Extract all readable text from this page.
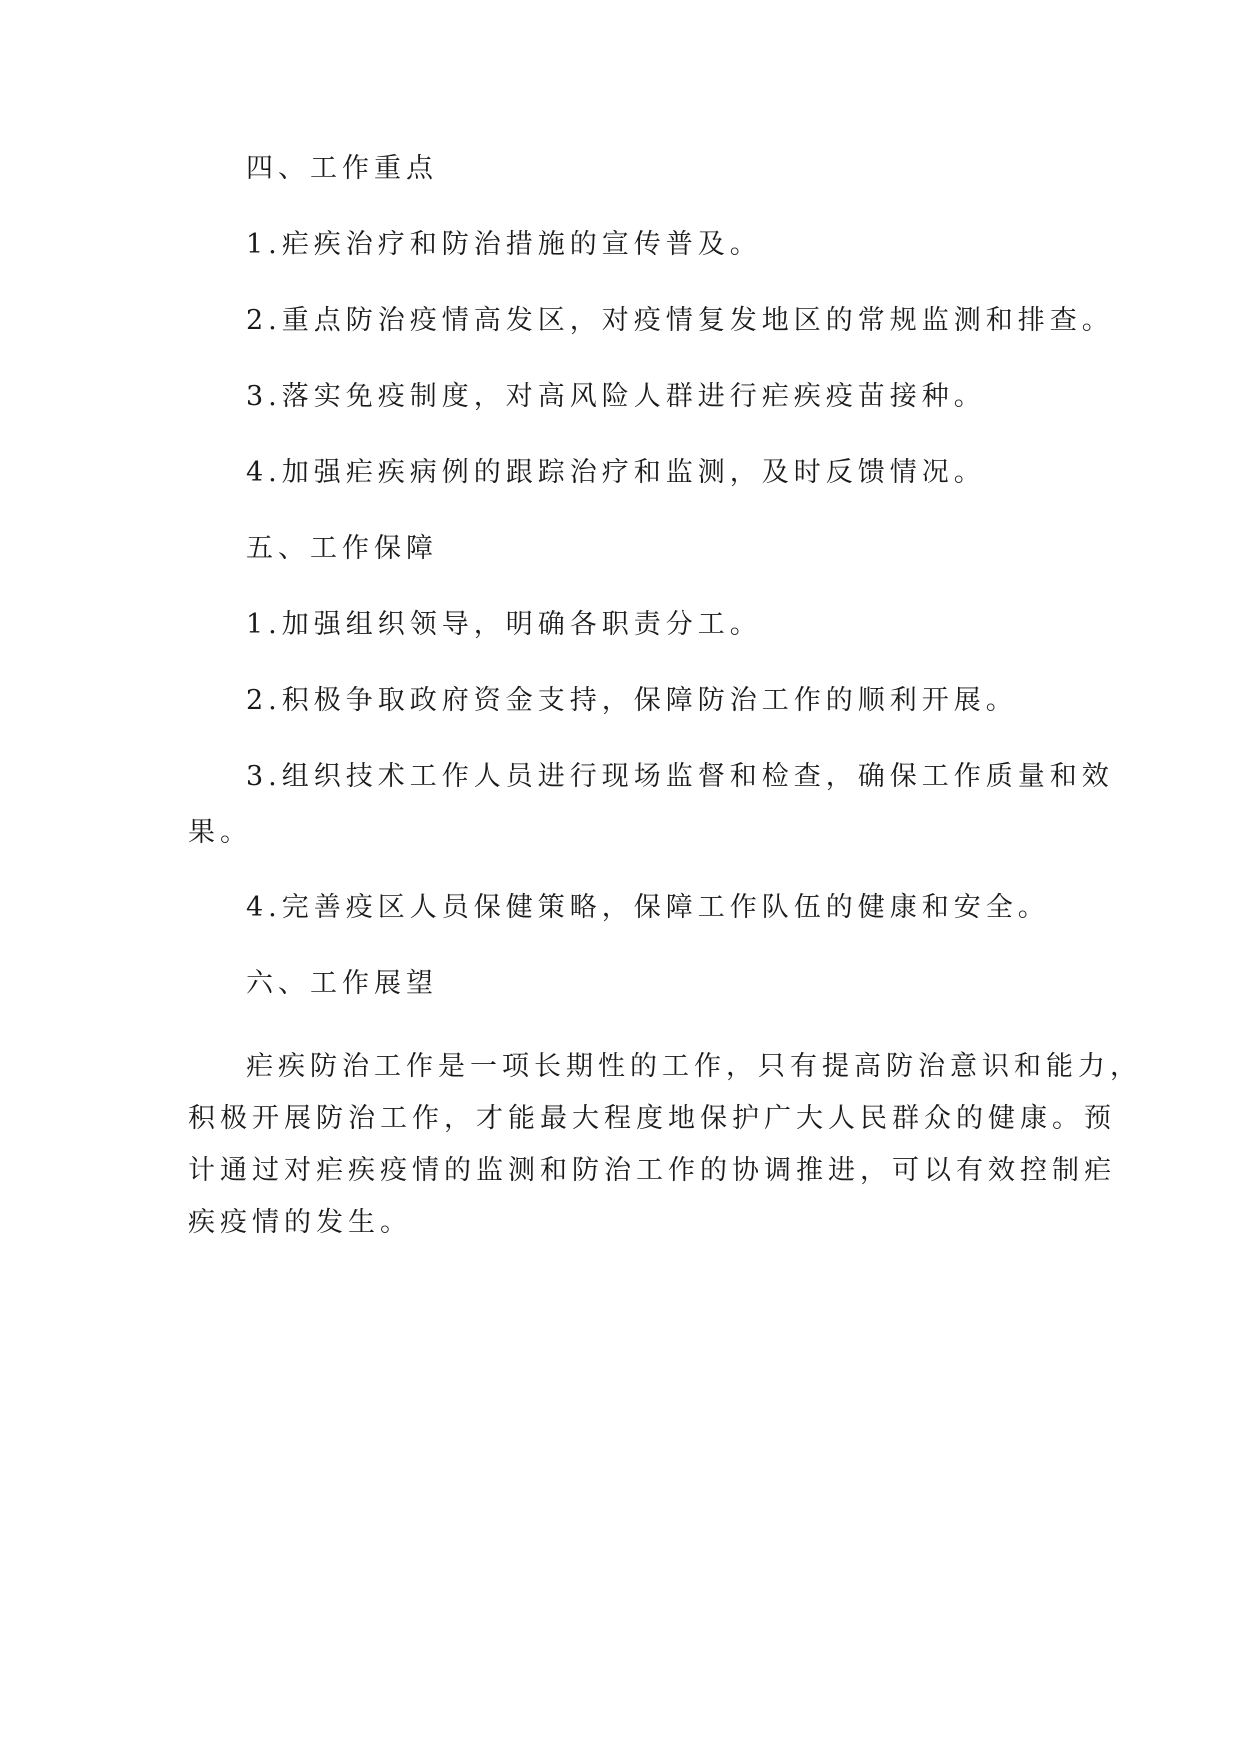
四、工作重点
1.疟疾治疗和防治措施的宣传普及。
2.重点防治疫情高发区，对疫情复发地区的常规监测和排查。
3.落实免疫制度，对高风险人群进行疟疾疫苗接种。
4.加强疟疾病例的跟踪治疗和监测，及时反馈情况。
五、工作保障
1.加强组织领导，明确各职责分工。
2.积极争取政府资金支持，保障防治工作的顺利开展。
3.组织技术工作人员进行现场监督和检查，确保工作质量和效
果。
4.完善疫区人员保健策略，保障工作队伍的健康和安全。
六、工作展望
疟疾防治工作是一项长期性的工作，只有提高防治意识和能力，
积极开展防治工作，才能最大程度地保护广大人民群众的健康。预
计通过对疟疾疫情的监测和防治工作的协调推进，可以有效控制疟
疾疫情的发生。
